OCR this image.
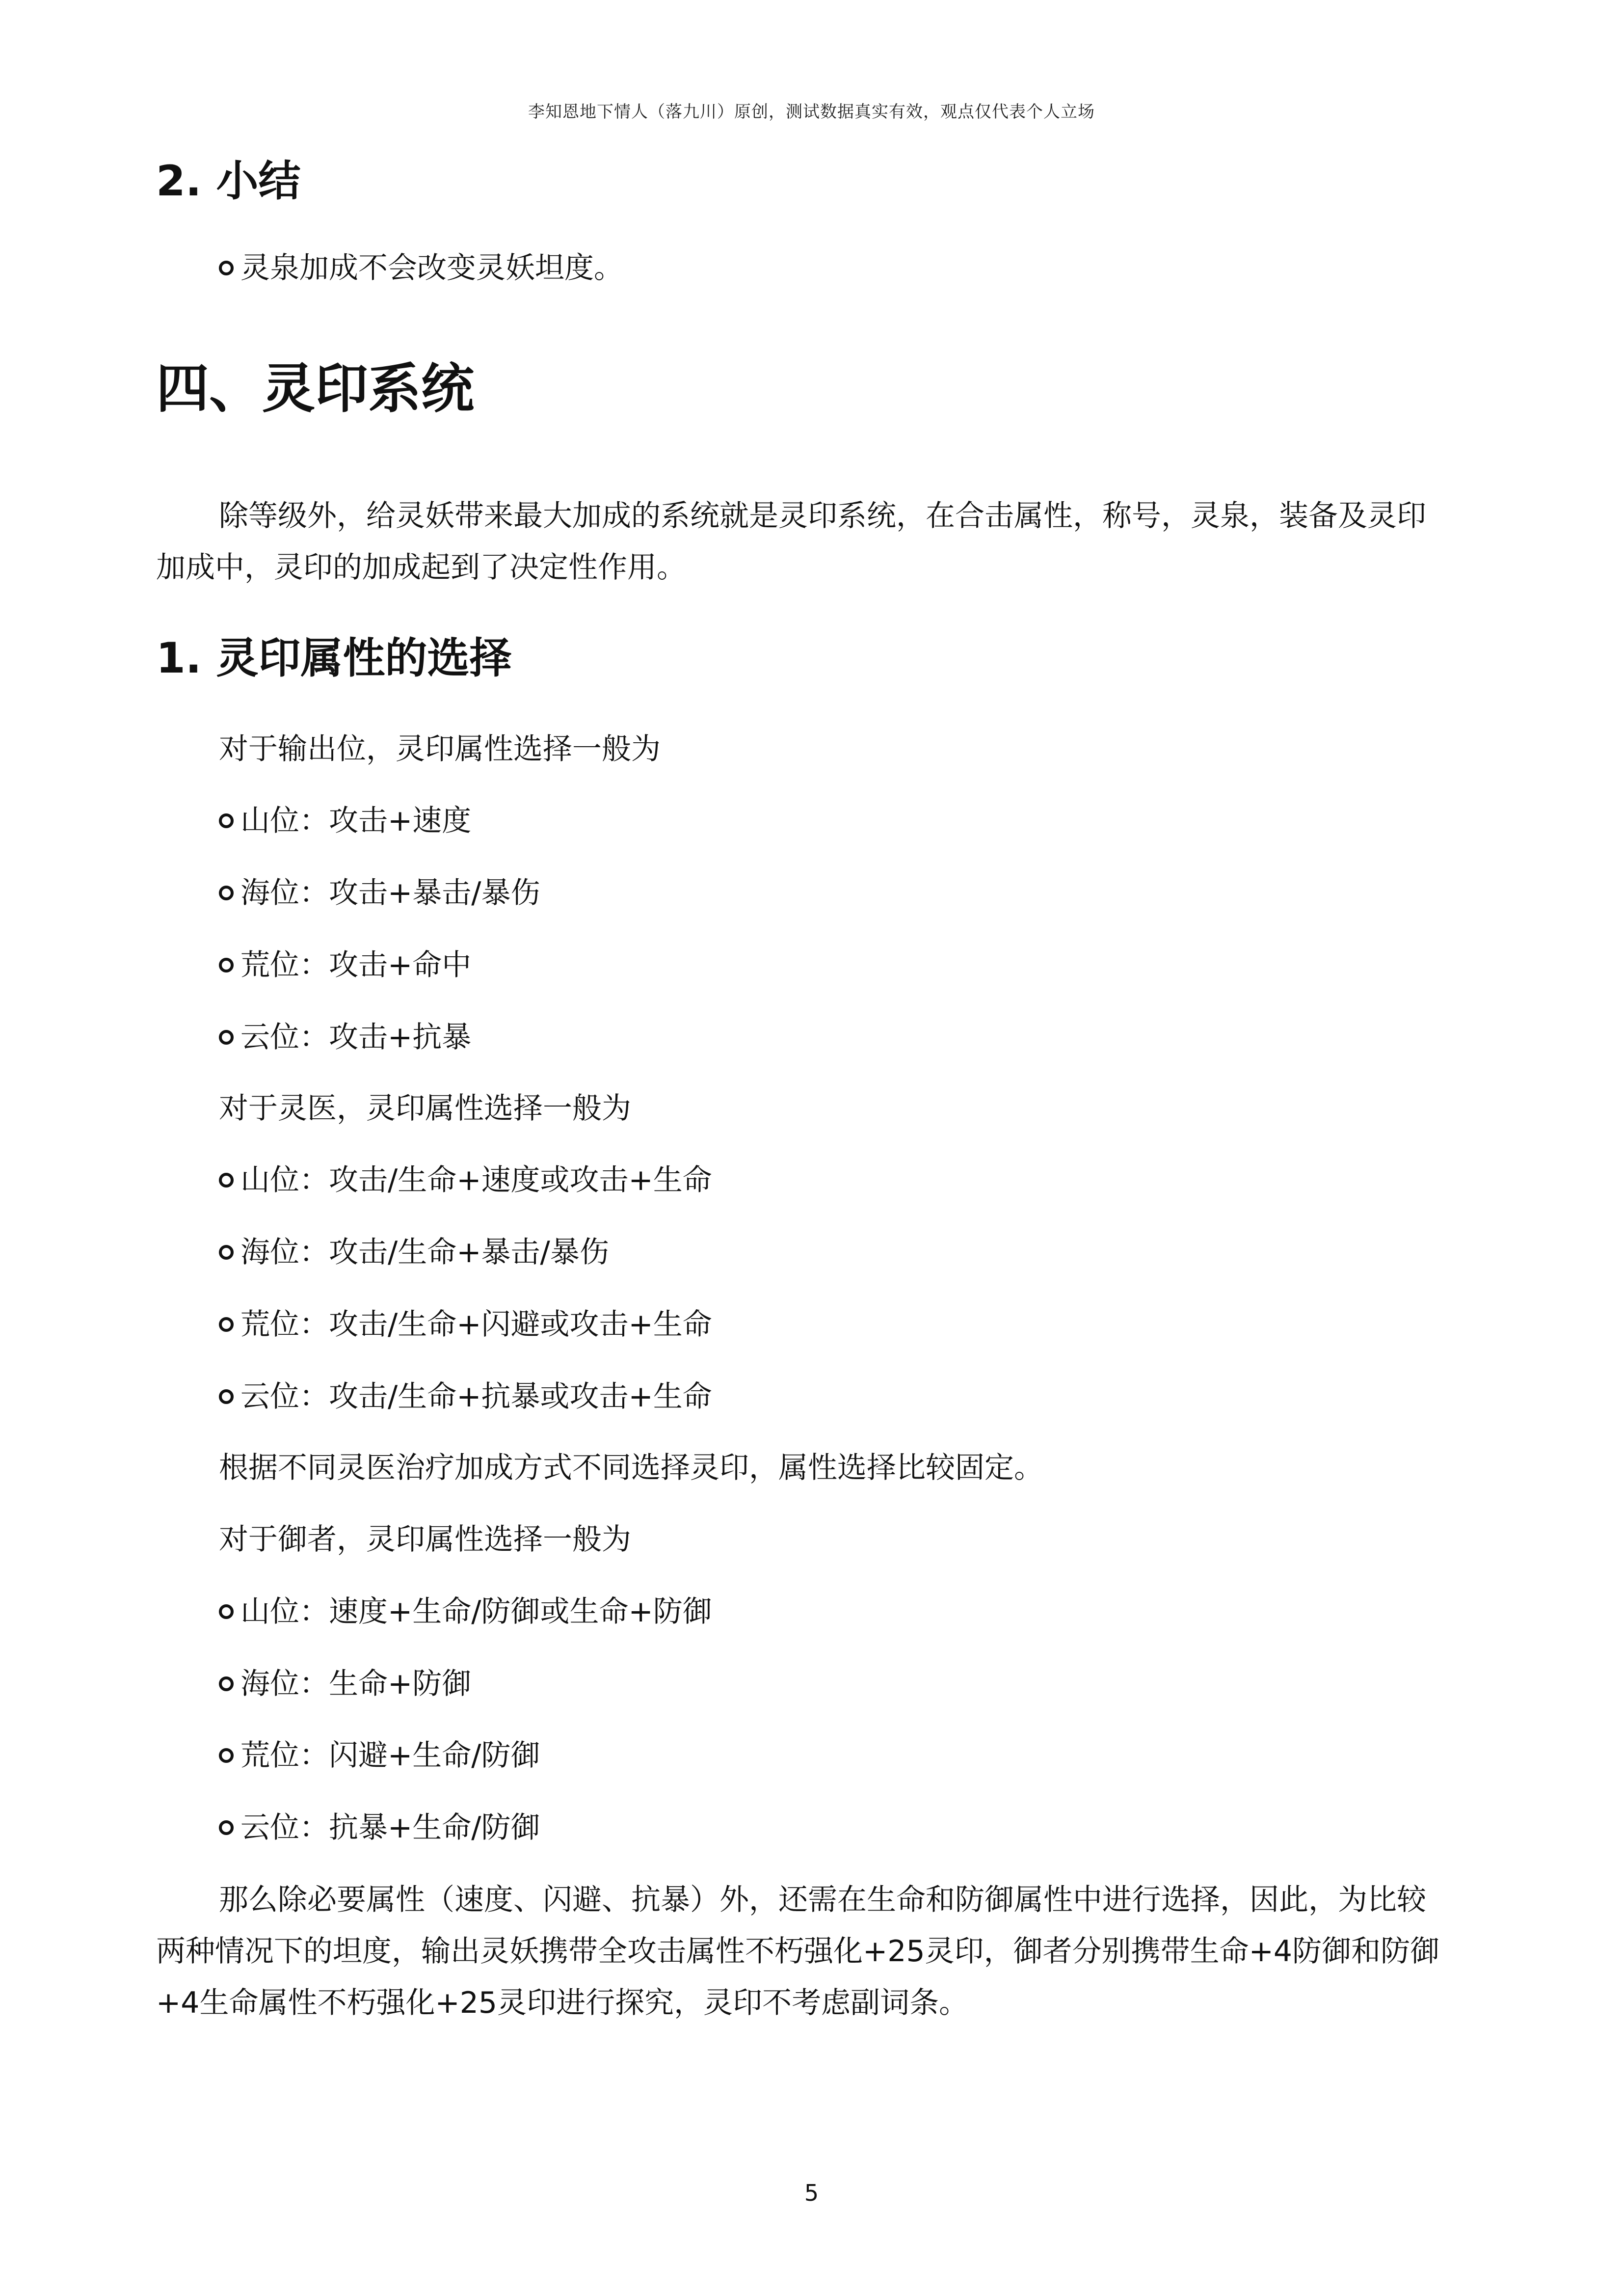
李知恩地下情人（落九川）原创，测试数据真实有效，观点仅代表个人立场
2. 小结
灵泉加成不会改变灵妖坦度。
四、灵印系统
除等级外，给灵妖带来最大加成的系统就是灵印系统，在合击属性，称号，灵泉，装备及灵印
加成中，灵印的加成起到了决定性作用。
1. 灵印属性的选择
对于输出位，灵印属性选择一般为
山位：攻击+速度
海位：攻击+暴击/暴伤
荒位：攻击+命中
云位：攻击+抗暴
对于灵医，灵印属性选择一般为
山位：攻击/生命+速度或攻击+生命
海位：攻击/生命+暴击/暴伤
荒位：攻击/生命+闪避或攻击+生命
云位：攻击/生命+抗暴或攻击+生命
根据不同灵医治疗加成方式不同选择灵印，属性选择比较固定。
对于御者，灵印属性选择一般为
山位：速度+生命/防御或生命+防御
海位：生命+防御
荒位：闪避+生命/防御
云位：抗暴+生命/防御
那么除必要属性（速度、闪避、抗暴）外，还需在生命和防御属性中进行选择，因此，为比较
两种情况下的坦度，输出灵妖携带全攻击属性不朽强化+25灵印，御者分别携带生命+4防御和防御
+4生命属性不朽强化+25灵印进行探究，灵印不考虑副词条。
5
